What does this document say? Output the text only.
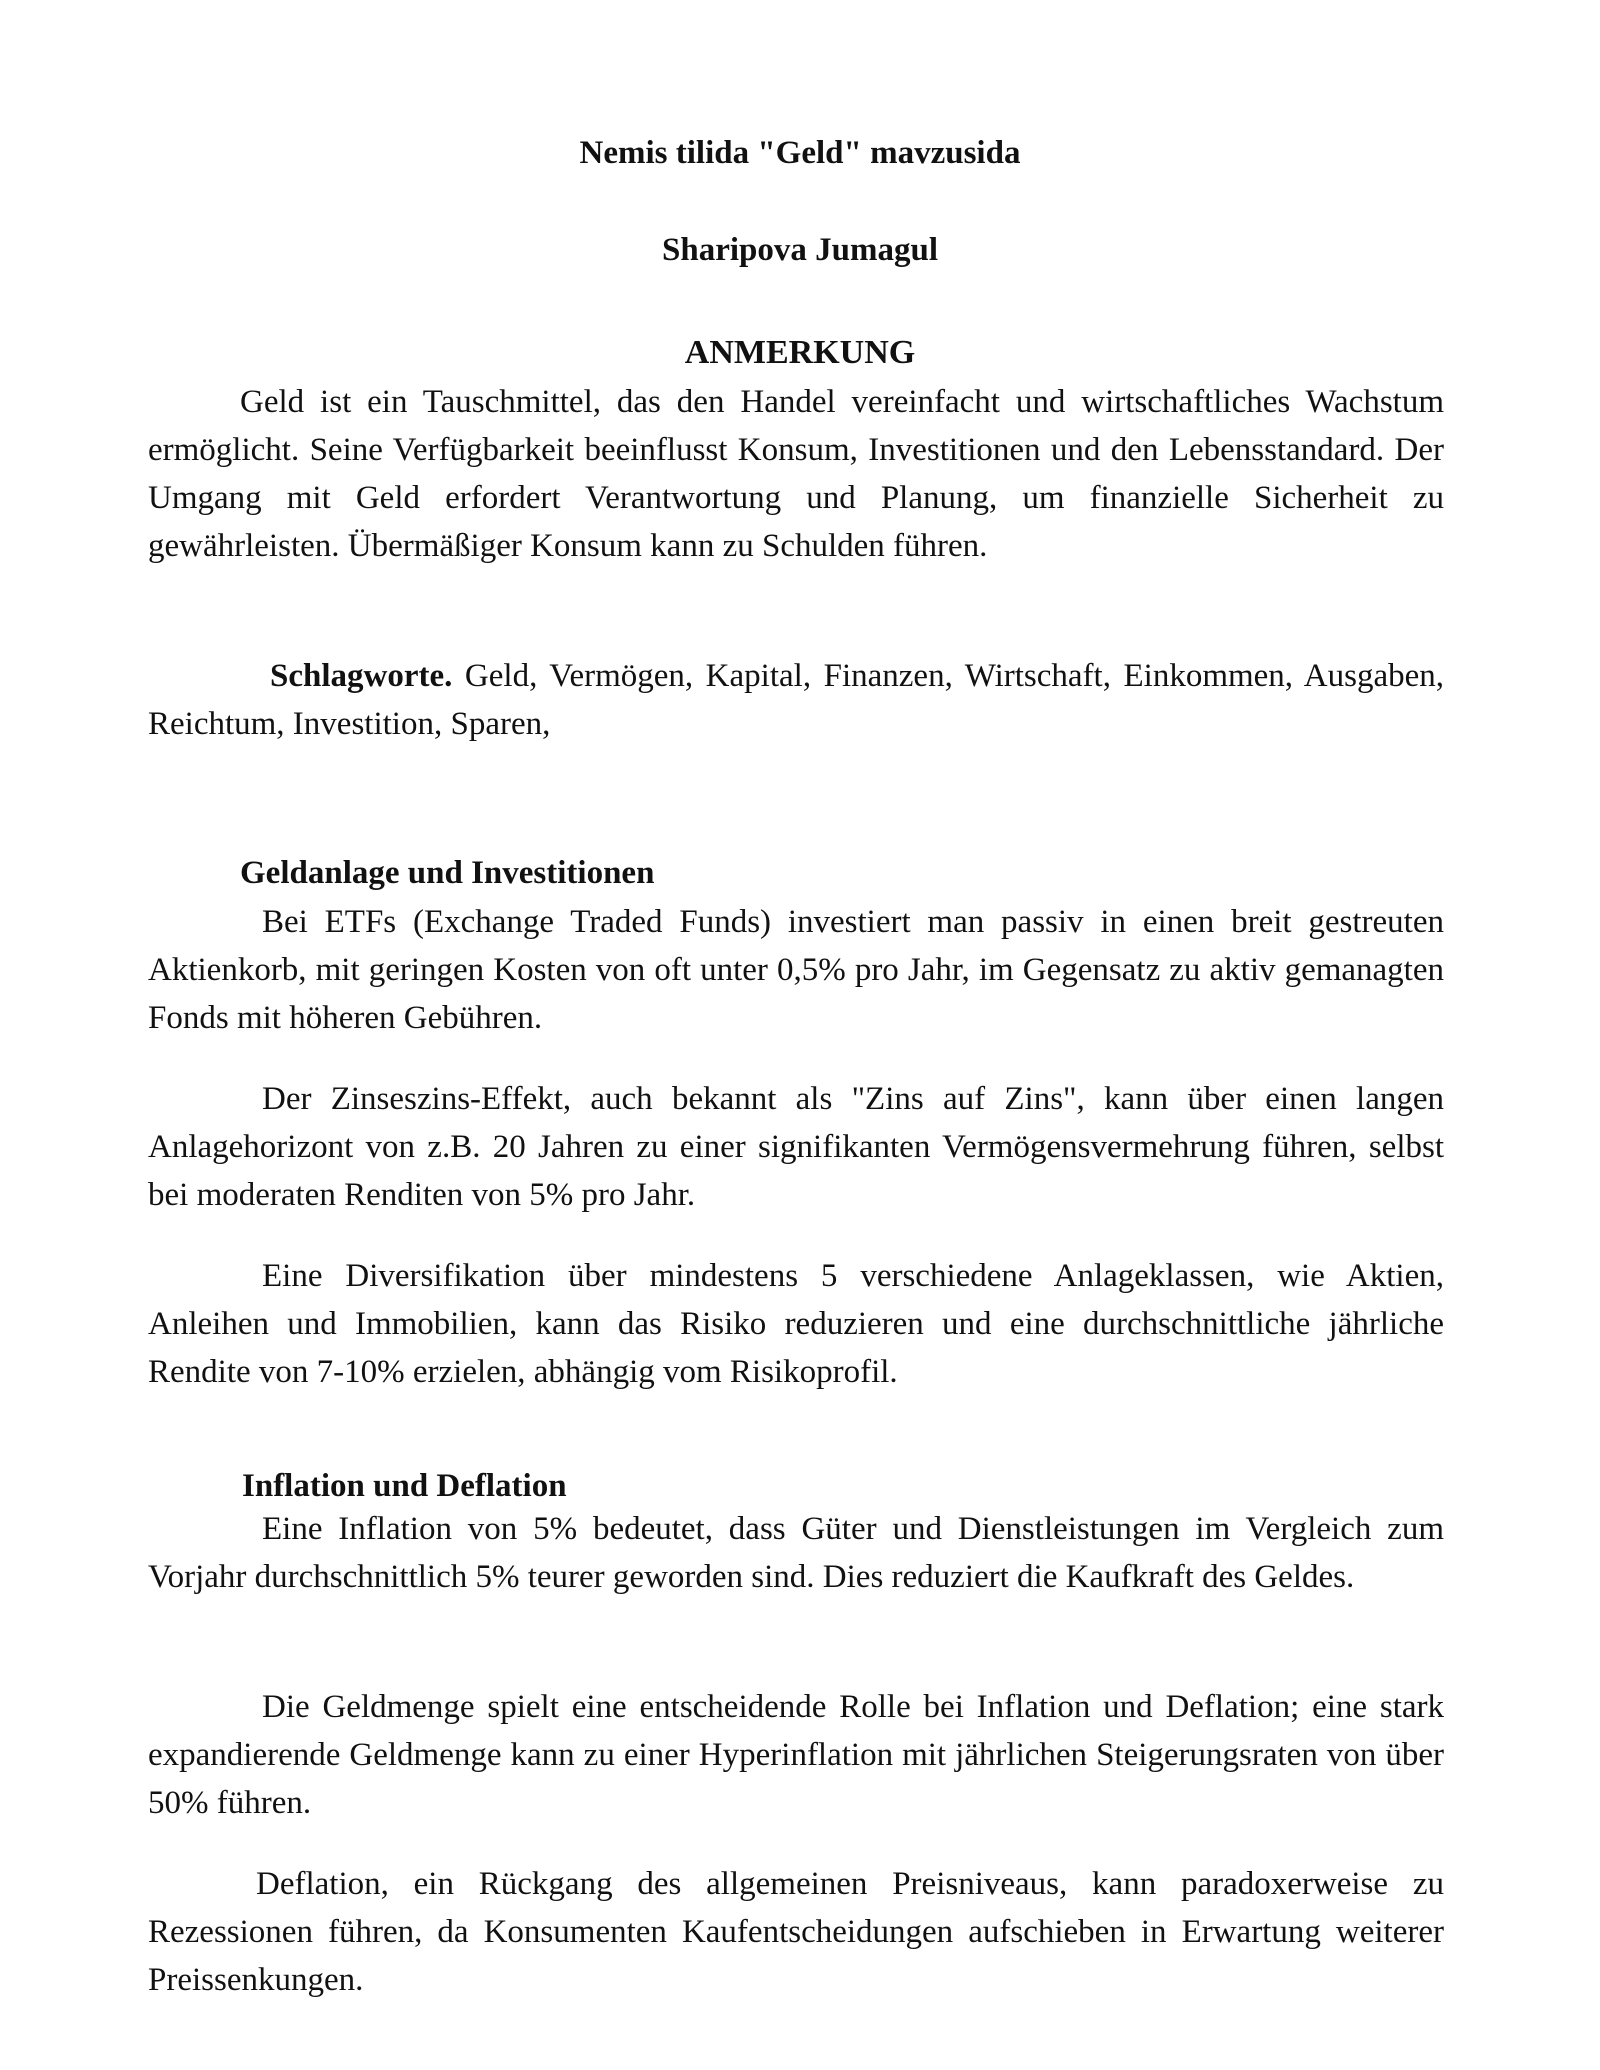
Nemis tilida "Geld" mavzusida
Sharipova Jumagul
ANMERKUNG

Geld ist ein Tauschmittel, das den Handel vereinfacht und wirtschaftliches Wachstum ermöglicht. Seine Verfügbarkeit beeinflusst Konsum, Investitionen und den Lebensstandard. Der Umgang mit Geld erfordert Verantwortung und Planung, um finanzielle Sicherheit zu gewährleisten. Übermäßiger Konsum kann zu Schulden führen.

Schlagworte. Geld, Vermögen, Kapital, Finanzen, Wirtschaft, Einkommen, Ausgaben, Reichtum, Investition, Sparen,

Geldanlage und Investitionen

Bei ETFs (Exchange Traded Funds) investiert man passiv in einen breit gestreuten Aktienkorb, mit geringen Kosten von oft unter 0,5% pro Jahr, im Gegensatz zu aktiv gemanagten Fonds mit höheren Gebühren.

Der Zinseszins-Effekt, auch bekannt als "Zins auf Zins", kann über einen langen Anlagehorizont von z.B. 20 Jahren zu einer signifikanten Vermögensvermehrung führen, selbst bei moderaten Renditen von 5% pro Jahr.

Eine Diversifikation über mindestens 5 verschiedene Anlageklassen, wie Aktien, Anleihen und Immobilien, kann das Risiko reduzieren und eine durchschnittliche jährliche Rendite von 7-10% erzielen, abhängig vom Risikoprofil.

Inflation und Deflation

Eine Inflation von 5% bedeutet, dass Güter und Dienstleistungen im Vergleich zum Vorjahr durchschnittlich 5% teurer geworden sind. Dies reduziert die Kaufkraft des Geldes.

Die Geldmenge spielt eine entscheidende Rolle bei Inflation und Deflation; eine stark expandierende Geldmenge kann zu einer Hyperinflation mit jährlichen Steigerungsraten von über 50% führen.

Deflation, ein Rückgang des allgemeinen Preisniveaus, kann paradoxerweise zu Rezessionen führen, da Konsumenten Kaufentscheidungen aufschieben in Erwartung weiterer Preissenkungen.
